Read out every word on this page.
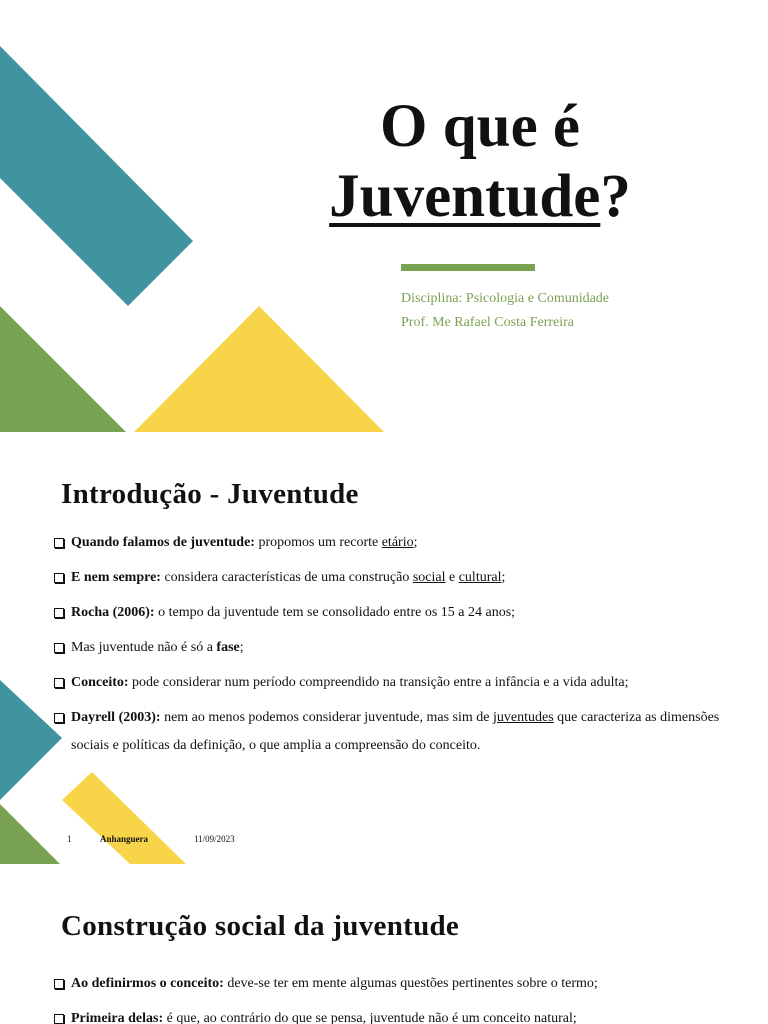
O que é
Juventude?
Disciplina: Psicologia e Comunidade
Prof. Me Rafael Costa Ferreira
Introdução - Juventude
Quando falamos de juventude: propomos um recorte etário;
E nem sempre: considera características de uma construção social e cultural;
Rocha (2006): o tempo da juventude tem se consolidado entre os 15 a 24 anos;
Mas juventude não é só a fase;
Conceito: pode considerar num período compreendido na transição entre a infância e a vida adulta;
Dayrell (2003): nem ao menos podemos considerar juventude, mas sim de juventudes que caracteriza as dimensões sociais e políticas da definição, o que amplia a compreensão do conceito.
1	Anhanguera	11/09/2023
Construção social da juventude
Ao definirmos o conceito: deve-se ter em mente algumas questões pertinentes sobre o termo;
Primeira delas: é que, ao contrário do que se pensa, juventude não é um conceito natural;
